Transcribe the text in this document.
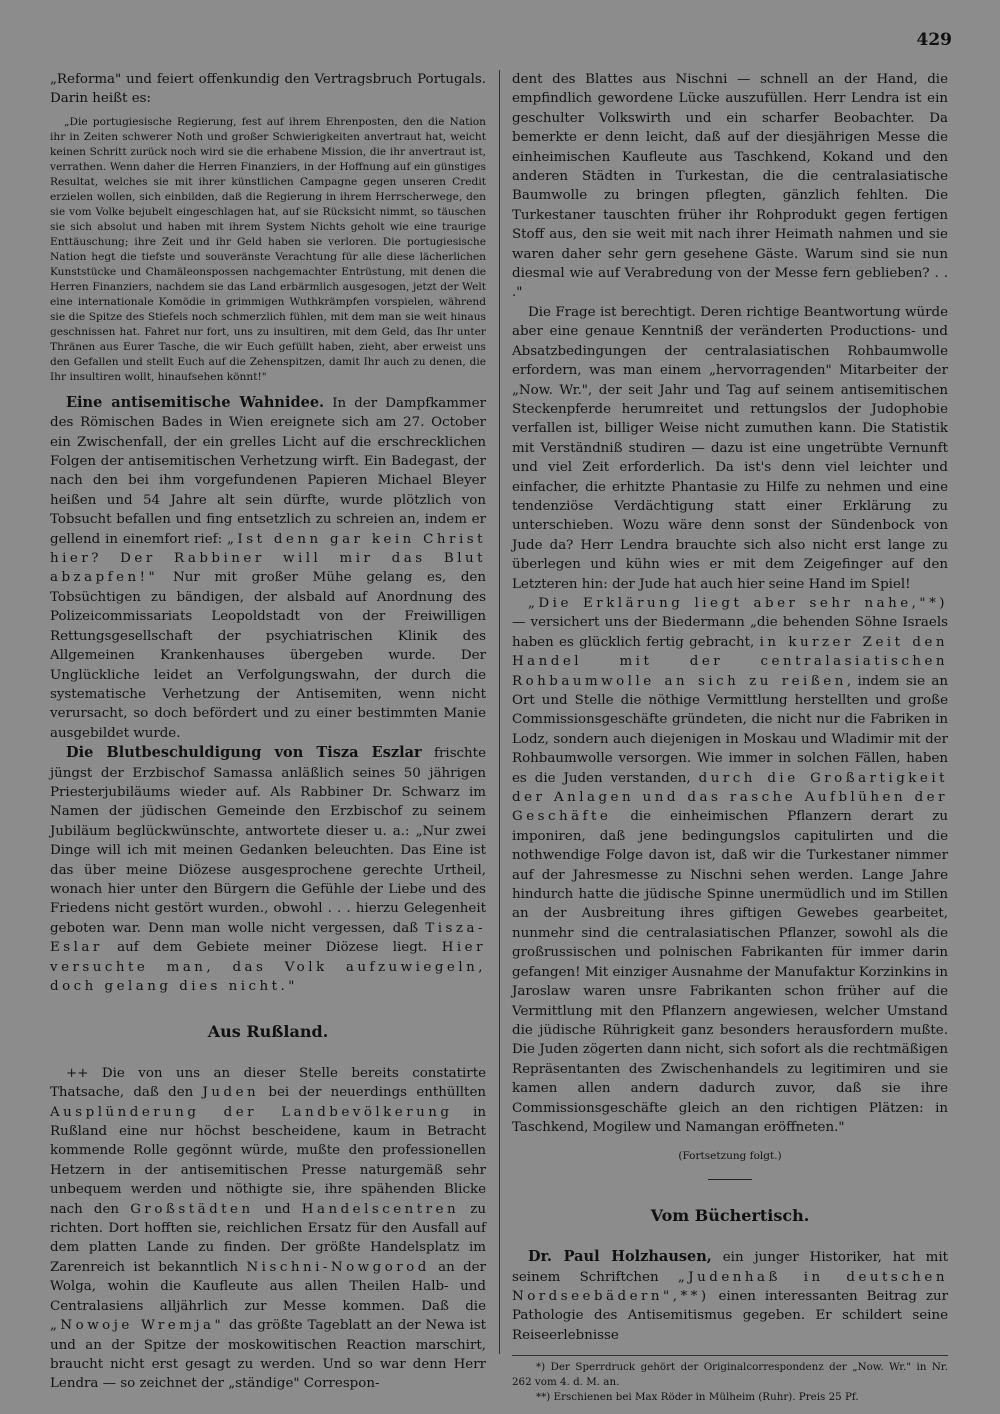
429

„Reforma" und feiert offenkundig den Vertragsbruch Portugals. Darin heißt es:

„Die portugiesische Regierung, fest auf ihrem Ehrenposten, den die Nation ihr in Zeiten schwerer Noth und großer Schwierigkeiten anvertraut hat, weicht keinen Schritt zurück noch wird sie die erhabene Mission, die ihr anvertraut ist, verrathen. Wenn daher die Herren Finanziers, in der Hoffnung auf ein günstiges Resultat, welches sie mit ihrer künstlichen Campagne gegen unseren Credit erzielen wollen, sich einbilden, daß die Regierung in ihrem Herrscherwege, den sie vom Volke bejubelt eingeschlagen hat, auf sie Rücksicht nimmt, so täuschen sie sich absolut und haben mit ihrem System Nichts geholt wie eine traurige Enttäuschung; ihre Zeit und ihr Geld haben sie verloren. Die portugiesische Nation hegt die tiefste und souveränste Verachtung für alle diese lächerlichen Kunststücke und Chamäleonspossen nachgemachter Entrüstung, mit denen die Herren Finanziers, nachdem sie das Land erbärmlich ausgesogen, jetzt der Welt eine internationale Komödie in grimmigen Wuthkrämpfen vorspielen, während sie die Spitze des Stiefels noch schmerzlich fühlen, mit dem man sie weit hinaus geschnissen hat. Fahret nur fort, uns zu insultiren, mit dem Geld, das Ihr unter Thränen aus Eurer Tasche, die wir Euch gefüllt haben, zieht, aber erweist uns den Gefallen und stellt Euch auf die Zehenspitzen, damit Ihr auch zu denen, die Ihr insultiren wollt, hinaufsehen könnt!"

Eine antisemitische Wahnidee. In der Dampfkammer des Römischen Bades in Wien ereignete sich am 27. October ein Zwischenfall, der ein grelles Licht auf die erschrecklichen Folgen der antisemitischen Verhetzung wirft. Ein Badegast, der nach den bei ihm vorgefundenen Papieren Michael Bleyer heißen und 54 Jahre alt sein dürfte, wurde plötzlich von Tobsucht befallen und fing entsetzlich zu schreien an, indem er gellend in einemfort rief: „Ist denn gar kein Christ hier? Der Rabbiner will mir das Blut abzapfen!" Nur mit großer Mühe gelang es, den Tobsüchtigen zu bändigen, der alsbald auf Anordnung des Polizeicommissariats Leopoldstadt von der Freiwilligen Rettungsgesellschaft der psychiatrischen Klinik des Allgemeinen Krankenhauses übergeben wurde. Der Unglückliche leidet an Verfolgungswahn, der durch die systematische Verhetzung der Antisemiten, wenn nicht verursacht, so doch befördert und zu einer bestimmten Manie ausgebildet wurde.

Die Blutbeschuldigung von Tisza Eszlar frischte jüngst der Erzbischof Samassa anläßlich seines 50 jährigen Priesterjubiläums wieder auf. Als Rabbiner Dr. Schwarz im Namen der jüdischen Gemeinde den Erzbischof zu seinem Jubiläum beglückwünschte, antwortete dieser u. a.: „Nur zwei Dinge will ich mit meinen Gedanken beleuchten. Das Eine ist das über meine Diözese ausgesprochene gerechte Urtheil, wonach hier unter den Bürgern die Gefühle der Liebe und des Friedens nicht gestört wurden., obwohl . . . hierzu Gelegenheit geboten war. Denn man wolle nicht vergessen, daß Tisza-Eslar auf dem Gebiete meiner Diözese liegt. Hier versuchte man, das Volk aufzuwiegeln, doch gelang dies nicht."

Aus Rußland.

++ Die von uns an dieser Stelle bereits constatirte Thatsache, daß den Juden bei der neuerdings enthüllten Ausplünderung der Landbevölkerung in Rußland eine nur höchst bescheidene, kaum in Betracht kommende Rolle gegönnt würde, mußte den professionellen Hetzern in der antisemitischen Presse naturgemäß sehr unbequem werden und nöthigte sie, ihre spähenden Blicke nach den Großstädten und Handelscentren zu richten. Dort hofften sie, reichlichen Ersatz für den Ausfall auf dem platten Lande zu finden. Der größte Handelsplatz im Zarenreich ist bekanntlich Nischni-Nowgorod an der Wolga, wohin die Kaufleute aus allen Theilen Halb- und Centralasiens alljährlich zur Messe kommen. Daß die „Nowoje Wremja" das größte Tageblatt an der Newa ist und an der Spitze der moskowitischen Reaction marschirt, braucht nicht erst gesagt zu werden. Und so war denn Herr Lendra — so zeichnet der „ständige" Correspon-

dent des Blattes aus Nischni — schnell an der Hand, die empfindlich gewordene Lücke auszufüllen. Herr Lendra ist ein geschulter Volkswirth und ein scharfer Beobachter. Da bemerkte er denn leicht, daß auf der diesjährigen Messe die einheimischen Kaufleute aus Taschkend, Kokand und den anderen Städten in Turkestan, die die centralasiatische Baumwolle zu bringen pflegten, gänzlich fehlten. Die Turkestaner tauschten früher ihr Rohprodukt gegen fertigen Stoff aus, den sie weit mit nach ihrer Heimath nahmen und sie waren daher sehr gern gesehene Gäste. Warum sind sie nun diesmal wie auf Verabredung von der Messe fern geblieben? . . ."

Die Frage ist berechtigt. Deren richtige Beantwortung würde aber eine genaue Kenntniß der veränderten Productions- und Absatzbedingungen der centralasiatischen Rohbaumwolle erfordern, was man einem „hervorragenden" Mitarbeiter der „Now. Wr.", der seit Jahr und Tag auf seinem antisemitischen Steckenpferde herumreitet und rettungslos der Judophobie verfallen ist, billiger Weise nicht zumuthen kann. Die Statistik mit Verständniß studiren — dazu ist eine ungetrübte Vernunft und viel Zeit erforderlich. Da ist's denn viel leichter und einfacher, die erhitzte Phantasie zu Hilfe zu nehmen und eine tendenziöse Verdächtigung statt einer Erklärung zu unterschieben. Wozu wäre denn sonst der Sündenbock von Jude da? Herr Lendra brauchte sich also nicht erst lange zu überlegen und kühn wies er mit dem Zeigefinger auf den Letzteren hin: der Jude hat auch hier seine Hand im Spiel!

„Die Erklärung liegt aber sehr nahe,"*) — versichert uns der Biedermann „die behenden Söhne Israels haben es glücklich fertig gebracht, in kurzer Zeit den Handel mit der centralasiatischen Rohbaumwolle an sich zu reißen, indem sie an Ort und Stelle die nöthige Vermittlung herstellten und große Commissionsgeschäfte gründeten, die nicht nur die Fabriken in Lodz, sondern auch diejenigen in Moskau und Wladimir mit der Rohbaumwolle versorgen. Wie immer in solchen Fällen, haben es die Juden verstanden, durch die Großartigkeit der Anlagen und das rasche Aufblühen der Geschäfte die einheimischen Pflanzern derart zu imponiren, daß jene bedingungslos capitulirten und die nothwendige Folge davon ist, daß wir die Turkestaner nimmer auf der Jahresmesse zu Nischni sehen werden. Lange Jahre hindurch hatte die jüdische Spinne unermüdlich und im Stillen an der Ausbreitung ihres giftigen Gewebes gearbeitet, nunmehr sind die centralasiatischen Pflanzer, sowohl als die großrussischen und polnischen Fabrikanten für immer darin gefangen! Mit einziger Ausnahme der Manufaktur Korzinkins in Jaroslaw waren unsre Fabrikanten schon früher auf die Vermittlung mit den Pflanzern angewiesen, welcher Umstand die jüdische Rührigkeit ganz besonders herausfordern mußte. Die Juden zögerten dann nicht, sich sofort als die rechtmäßigen Repräsentanten des Zwischenhandels zu legitimiren und sie kamen allen andern dadurch zuvor, daß sie ihre Commissionsgeschäfte gleich an den richtigen Plätzen: in Taschkend, Mogilew und Namangan eröffneten."

(Fortsetzung folgt.)
Vom Büchertisch.

Dr. Paul Holzhausen, ein junger Historiker, hat mit seinem Schriftchen „Judenhaß in deutschen Nordseebädern",**) einen interessanten Beitrag zur Pathologie des Antisemitismus gegeben. Er schildert seine Reiseerlebnisse

*) Der Sperrdruck gehört der Originalcorrespondenz der „Now. Wr." in Nr. 262 vom 4. d. M. an.

**) Erschienen bei Max Röder in Mülheim (Ruhr). Preis 25 Pf.
